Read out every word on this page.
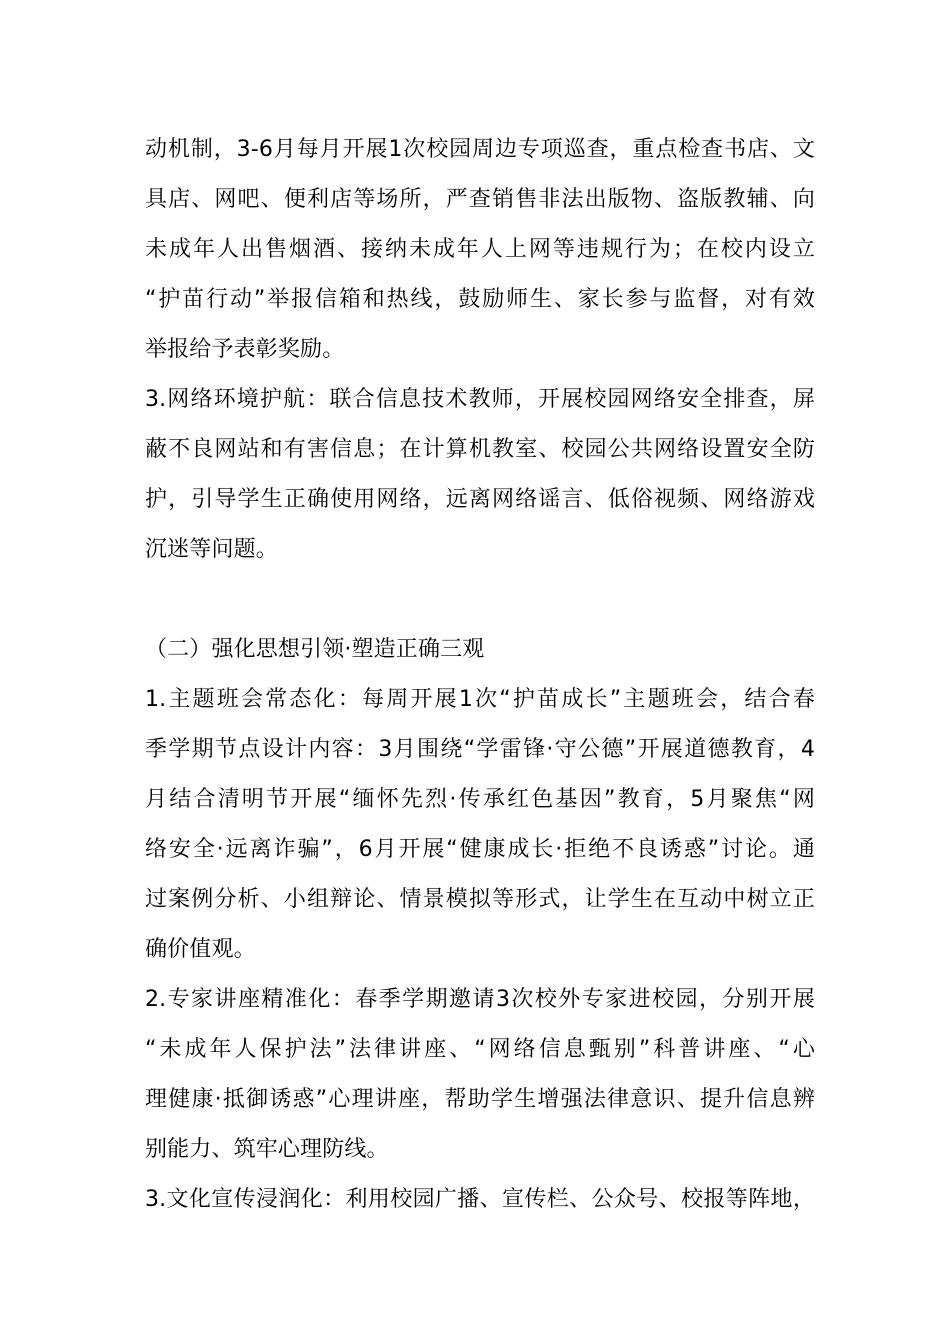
动机制，3-6月每月开展1次校园周边专项巡查，重点检查书店、文
具店、网吧、便利店等场所，严查销售非法出版物、盗版教辅、向
未成年人出售烟酒、接纳未成年人上网等违规行为；在校内设立
“护苗行动”举报信箱和热线，鼓励师生、家长参与监督，对有效
举报给予表彰奖励。
3.网络环境护航：联合信息技术教师，开展校园网络安全排查，屏
蔽不良网站和有害信息；在计算机教室、校园公共网络设置安全防
护，引导学生正确使用网络，远离网络谣言、低俗视频、网络游戏
沉迷等问题。
（二）强化思想引领·塑造正确三观
1.主题班会常态化：每周开展1次“护苗成长”主题班会，结合春
季学期节点设计内容：3月围绕“学雷锋·守公德”开展道德教育，4
月结合清明节开展“缅怀先烈·传承红色基因”教育，5月聚焦“网
络安全·远离诈骗”，6月开展“健康成长·拒绝不良诱惑”讨论。通
过案例分析、小组辩论、情景模拟等形式，让学生在互动中树立正
确价值观。
2.专家讲座精准化：春季学期邀请3次校外专家进校园，分别开展
“未成年人保护法”法律讲座、“网络信息甄别”科普讲座、“心
理健康·抵御诱惑”心理讲座，帮助学生增强法律意识、提升信息辨
别能力、筑牢心理防线。
3.文化宣传浸润化：利用校园广播、宣传栏、公众号、校报等阵地，
